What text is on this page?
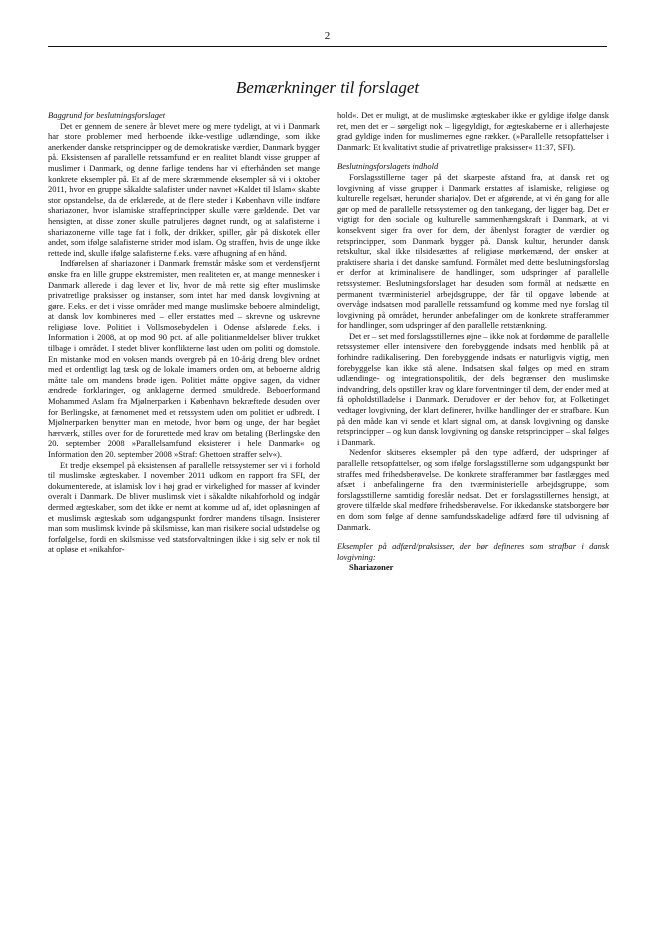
2
Bemærkninger til forslaget
Baggrund for beslutningsforslaget

Det er gennem de senere år blevet mere og mere tydeligt, at vi i Danmark har store problemer med herboende ikke-vestlige udlændinge, som ikke anerkender danske retsprincipper og de demokratiske værdier, Danmark bygger på. Eksistensen af parallelle retssamfund er en realitet blandt visse grupper af muslimer i Danmark, og denne farlige tendens har vi efterhånden set mange konkrete eksempler på. Et af de mere skræmmende eksempler så vi i oktober 2011, hvor en gruppe såkaldte salafister under navnet »Kaldet til Islam« skabte stor opstandelse, da de erklærede, at de flere steder i København ville indføre shariazoner, hvor islamiske straffeprincipper skulle være gældende. Det var hensigten, at disse zoner skulle patruljeres døgnet rundt, og at salafisterne i shariazonerne ville tage fat i folk, der drikker, spiller, går på diskotek eller andet, som ifølge salafisterne strider mod islam. Og straffen, hvis de unge ikke rettede ind, skulle ifølge salafisterne f.eks. være afhugning af en hånd.

Indførelsen af shariazoner i Danmark fremstår måske som et verdensfjernt ønske fra en lille gruppe ekstremister, men realiteten er, at mange mennesker i Danmark allerede i dag lever et liv, hvor de må rette sig efter muslimske privatretlige praksisser og instanser, som intet har med dansk lovgivning at gøre. F.eks. er det i visse områder med mange muslimske beboere almindeligt, at dansk lov kombineres med – eller erstattes med – skrevne og uskrevne religiøse love. Politiet i Vollsmosebydelen i Odense afslørede f.eks. i Information i 2008, at op mod 90 pct. af alle politianmeldelser bliver trukket tilbage i området. I stedet bliver konflikterne løst uden om politi og domstole. En mistanke mod en voksen mands overgreb på en 10-årig dreng blev ordnet med et ordentligt lag tæsk og de lokale imamers orden om, at beboerne aldrig måtte tale om mandens brøde igen. Politiet måtte opgive sagen, da vidner ændrede forklaringer, og anklagerne dermed smuldrede. Beboerformand Mohammed Aslam fra Mjølnerparken i København bekræftede desuden over for Berlingske, at fænomenet med et retssystem uden om politiet er udbredt. I Mjølnerparken benytter man en metode, hvor børn og unge, der har begået hærværk, stilles over for de forurettede med krav om betaling (Berlingske den 20. september 2008 »Parallelsamfund eksisterer i hele Danmark« og Information den 20. september 2008 »Straf: Ghettoen straffer selv«).

Et tredje eksempel på eksistensen af parallelle retssystemer ser vi i forhold til muslimske ægteskaber. I november 2011 udkom en rapport fra SFI, der dokumenterede, at islamisk lov i høj grad er virkelighed for masser af kvinder overalt i Danmark. De bliver muslimsk viet i såkaldte nikahforhold og indgår dermed ægteskaber, som det ikke er nemt at komme ud af, idet opløsningen af et muslimsk ægteskab som udgangspunkt fordrer mandens tilsagn. Insisterer man som muslimsk kvinde på skilsmisse, kan man risikere social udstødelse og forfølgelse, fordi en skilsmisse ved statsforvaltningen ikke i sig selv er nok til at opløse et »nikahfor-

hold«. Det er muligt, at de muslimske ægteskaber ikke er gyldige ifølge dansk ret, men det er – sørgeligt nok – ligegyldigt, for ægteskaberne er i allerhøjeste grad gyldige inden for muslimernes egne rækker. (»Parallelle retsopfattelser i Danmark: Et kvalitativt studie af privatretlige praksisser« 11:37, SFI).

Beslutningsforslagets indhold

Forslagsstillerne tager på det skarpeste afstand fra, at dansk ret og lovgivning af visse grupper i Danmark erstattes af islamiske, religiøse og kulturelle regelsæt, herunder shariaļov. Det er afgørende, at vi én gang for alle gør op med de parallelle retssystemer og den tankegang, der ligger bag. Det er vigtigt for den sociale og kulturelle sammenhængskraft i Danmark, at vi konsekvent siger fra over for dem, der åbenlyst foragter de værdier og retsprincipper, som Danmark bygger på. Dansk kultur, herunder dansk retskultur, skal ikke tilsidesættes af religiøse mørkemænd, der ønsker at praktisere sharia i det danske samfund. Formålet med dette beslutningsforslag er derfor at kriminalisere de handlinger, som udspringer af parallelle retssystemer. Beslutningsforslaget har desuden som formål at nedsætte en permanent tværministeriel arbejdsgruppe, der får til opgave løbende at overvåge indsatsen mod parallelle retssamfund og komme med nye forslag til lovgivning på området, herunder anbefalinger om de konkrete strafferammer for handlinger, som udspringer af den parallelle retstænkning.

Det er – set med forslagsstillernes øjne – ikke nok at fordømme de parallelle retssystemer eller intensivere den forebyggende indsats med henblik på at forhindre radikalisering. Den forebyggende indsats er naturligvis vigtig, men forebyggelse kan ikke stå alene. Indsatsen skal følges op med en stram udlændinge- og integrationspolitik, der dels begrænser den muslimske indvandring, dels opstiller krav og klare forventninger til dem, der ender med at få opholdstilladelse i Danmark. Derudover er der behov for, at Folketinget vedtager lovgivning, der klart definerer, hvilke handlinger der er strafbare. Kun på den måde kan vi sende et klart signal om, at dansk lovgivning og danske retsprincipper – og kun dansk lovgivning og danske retsprincipper – skal følges i Danmark.

Nedenfor skitseres eksempler på den type adfærd, der udspringer af parallelle retsopfattelser, og som ifølge forslagsstillerne som udgangspunkt bør straffes med frihedsberøvelse. De konkrete strafferammer bør fastlægges med afsæt i anbefalingerne fra den tværministerielle arbejdsgruppe, som forslagsstillerne samtidig foreslår nedsat. Det er forslagsstillernes hensigt, at grovere tilfælde skal medføre frihedsberøvelse. For ikkedanske statsborgere bør en dom som følge af denne samfundsskadelige adfærd føre til udvisning af Danmark.

Eksempler på adfærd/praksisser, der bør defineres som strafbar i dansk lovgivning:

Shariazoner
